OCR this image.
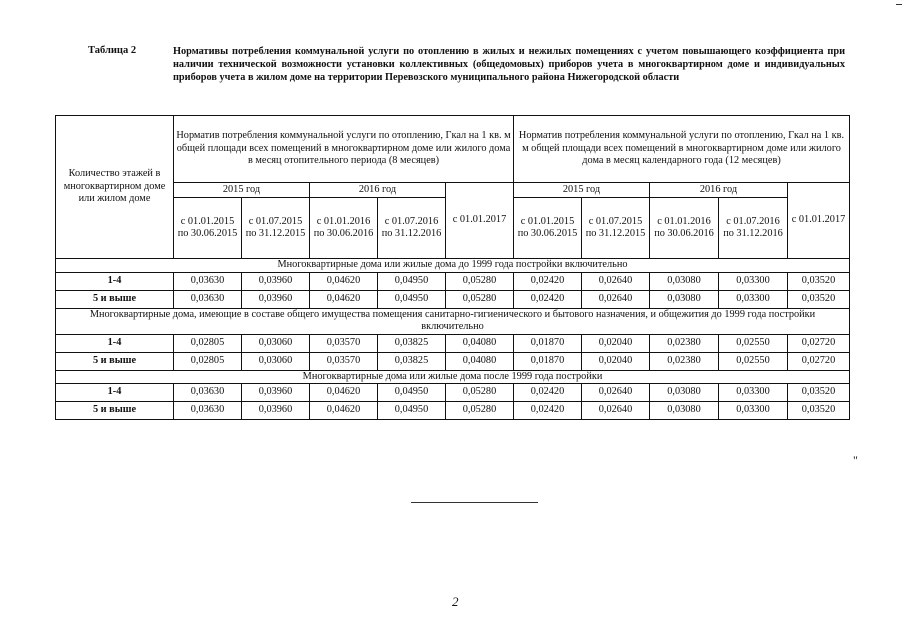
Таблица 2	Нормативы потребления коммунальной услуги по отоплению в жилых и нежилых помещениях с учетом повышающего коэффициента при наличии технической возможности установки коллективных (общедомовых) приборов учета в многоквартирном доме и индивидуальных приборов учета в жилом доме на территории Перевозского муниципального района Нижегородской области
Количество этажей в многоквартирном доме или жилом доме	Норматив потребления коммунальной услуги по отоплению, Гкал на 1 кв. м общей площади всех помещений в многоквартирном доме или жилого дома в месяц отопительного периода (8 месяцев)					Норматив потребления коммунальной услуги по отоплению, Гкал на 1 кв. м общей площади всех помещений в многоквартирном доме или жилого дома в месяц календарного года (12 месяцев)				
	2015 год		2016 год		с 01.01.2017	2015 год		2016 год		с 01.01.2017
	с 01.01.2015 по 30.06.2015	с 01.07.2015 по 31.12.2015	с 01.01.2016 по 30.06.2016	с 01.07.2016 по 31.12.2016		с 01.01.2015 по 30.06.2015	с 01.07.2015 по 31.12.2015	с 01.01.2016 по 30.06.2016	с 01.07.2016 по 31.12.2016	
Многоквартирные дома или жилые дома до 1999 года постройки включительно										
1-4	0,03630	0,03960	0,04620	0,04950	0,05280	0,02420	0,02640	0,03080	0,03300	0,03520
5 и выше	0,03630	0,03960	0,04620	0,04950	0,05280	0,02420	0,02640	0,03080	0,03300	0,03520
Многоквартирные дома, имеющие в составе общего имущества помещения санитарно-гигиенического и бытового назначения, и общежития до 1999 года постройки включительно										
1-4	0,02805	0,03060	0,03570	0,03825	0,04080	0,01870	0,02040	0,02380	0,02550	0,02720
5 и выше	0,02805	0,03060	0,03570	0,03825	0,04080	0,01870	0,02040	0,02380	0,02550	0,02720
Многоквартирные дома или жилые дома после 1999 года постройки										
1-4	0,03630	0,03960	0,04620	0,04950	0,05280	0,02420	0,02640	0,03080	0,03300	0,03520
5 и выше	0,03630	0,03960	0,04620	0,04950	0,05280	0,02420	0,02640	0,03080	0,03300	0,03520
"
2
